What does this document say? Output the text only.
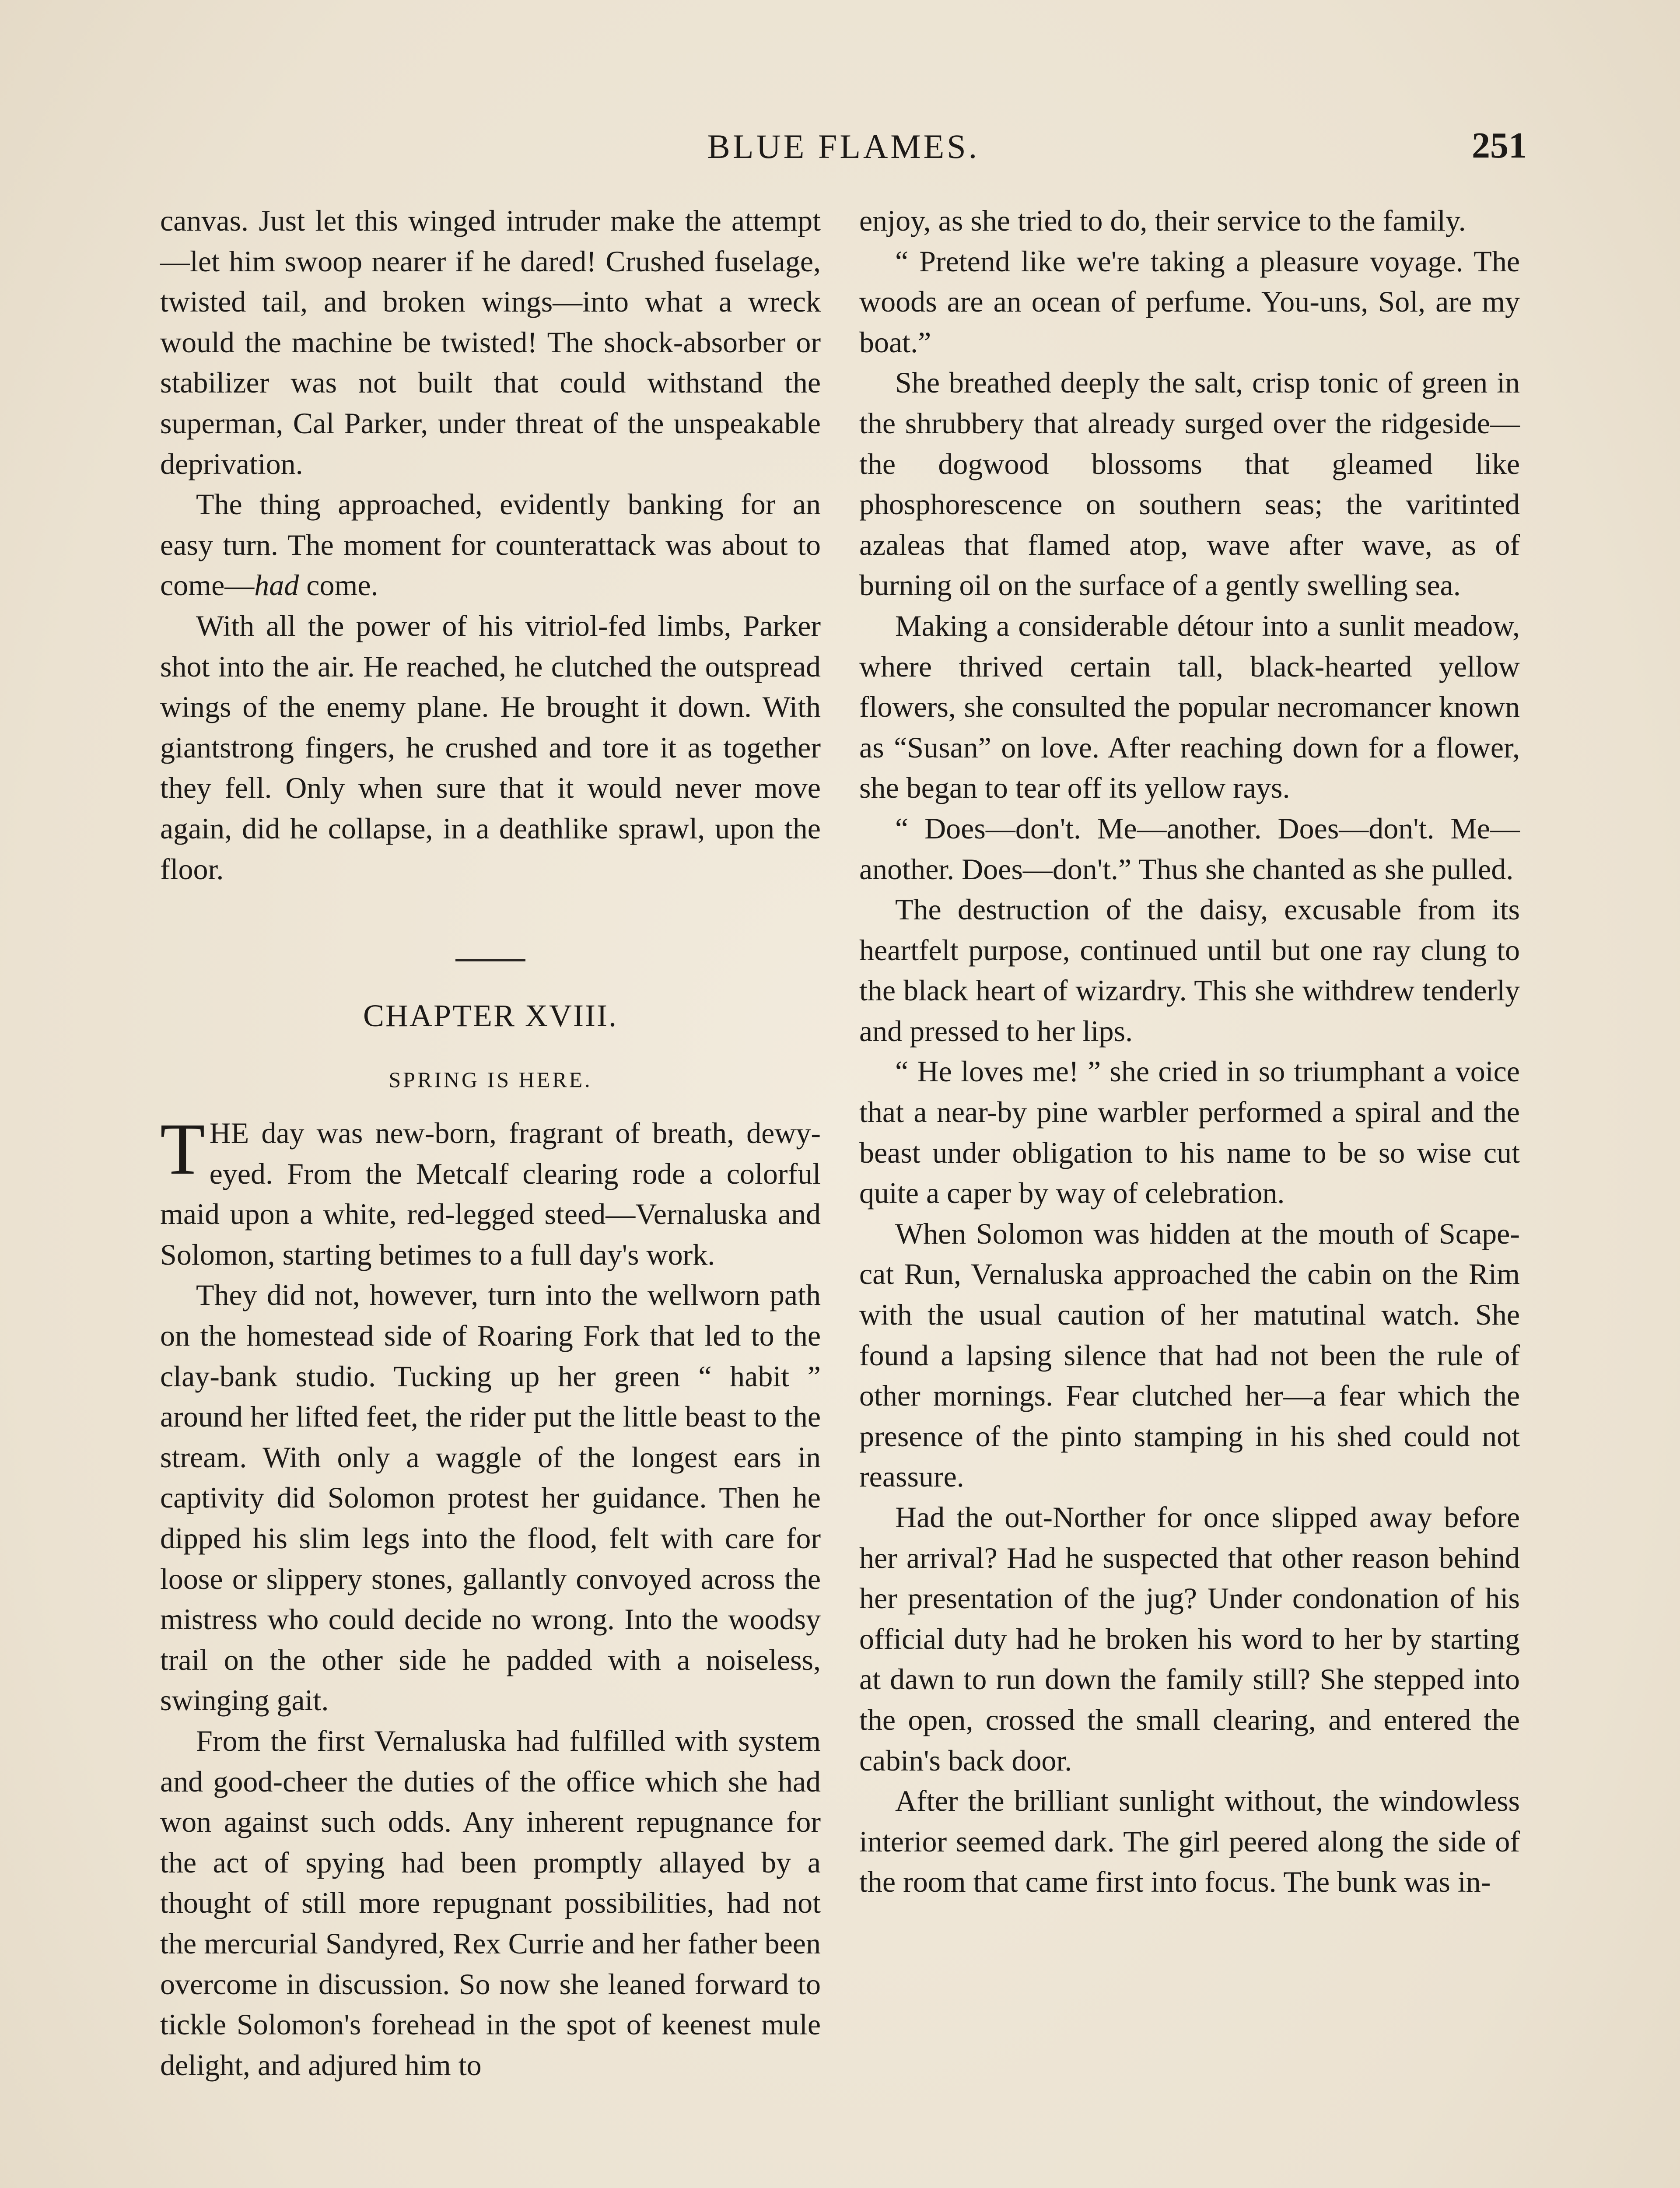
BLUE FLAMES.	251

canvas. Just let this winged intruder make the attempt—let him swoop nearer if he dared! Crushed fuselage, twisted tail, and broken wings—into what a wreck would the machine be twisted! The shock-absorber or stabilizer was not built that could withstand the superman, Cal Parker, under threat of the unspeakable deprivation.

The thing approached, evidently banking for an easy turn. The moment for counterattack was about to come—had come.

With all the power of his vitriol-fed limbs, Parker shot into the air. He reached, he clutched the outspread wings of the enemy plane. He brought it down. With giantstrong fingers, he crushed and tore it as together they fell. Only when sure that it would never move again, did he collapse, in a deathlike sprawl, upon the floor.

CHAPTER XVIII.
SPRING IS HERE.

THE day was new-born, fragrant of breath, dewy-eyed. From the Metcalf clearing rode a colorful maid upon a white, red-legged steed—Vernaluska and Solomon, starting betimes to a full day's work.

They did not, however, turn into the wellworn path on the homestead side of Roaring Fork that led to the clay-bank studio. Tucking up her green “ habit ” around her lifted feet, the rider put the little beast to the stream. With only a waggle of the longest ears in captivity did Solomon protest her guidance. Then he dipped his slim legs into the flood, felt with care for loose or slippery stones, gallantly convoyed across the mistress who could decide no wrong. Into the woodsy trail on the other side he padded with a noiseless, swinging gait.

From the first Vernaluska had fulfilled with system and good-cheer the duties of the office which she had won against such odds. Any inherent repugnance for the act of spying had been promptly allayed by a thought of still more repugnant possibilities, had not the mercurial Sandyred, Rex Currie and her father been overcome in discussion. So now she leaned forward to tickle Solomon's forehead in the spot of keenest mule delight, and adjured him to

enjoy, as she tried to do, their service to the family.

“ Pretend like we're taking a pleasure voyage. The woods are an ocean of perfume. You-uns, Sol, are my boat.”

She breathed deeply the salt, crisp tonic of green in the shrubbery that already surged over the ridgeside—the dogwood blossoms that gleamed like phosphorescence on southern seas; the varitinted azaleas that flamed atop, wave after wave, as of burning oil on the surface of a gently swelling sea.

Making a considerable détour into a sunlit meadow, where thrived certain tall, black-hearted yellow flowers, she consulted the popular necromancer known as “Susan” on love. After reaching down for a flower, she began to tear off its yellow rays.

“ Does—don't. Me—another. Does—don't. Me—another. Does—don't.” Thus she chanted as she pulled.

The destruction of the daisy, excusable from its heartfelt purpose, continued until but one ray clung to the black heart of wizardry. This she withdrew tenderly and pressed to her lips.

“ He loves me! ” she cried in so triumphant a voice that a near-by pine warbler performed a spiral and the beast under obligation to his name to be so wise cut quite a caper by way of celebration.

When Solomon was hidden at the mouth of Scape-cat Run, Vernaluska approached the cabin on the Rim with the usual caution of her matutinal watch. She found a lapsing silence that had not been the rule of other mornings. Fear clutched her—a fear which the presence of the pinto stamping in his shed could not reassure.

Had the out-Norther for once slipped away before her arrival? Had he suspected that other reason behind her presentation of the jug? Under condonation of his official duty had he broken his word to her by starting at dawn to run down the family still? She stepped into the open, crossed the small clearing, and entered the cabin's back door.

After the brilliant sunlight without, the windowless interior seemed dark. The girl peered along the side of the room that came first into focus. The bunk was in-
